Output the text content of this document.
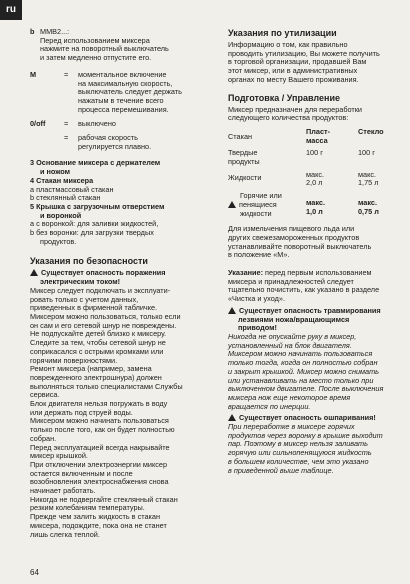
ru
b MMB2...:
Перед использованием миксера
нажмите на поворотный выключатель
и затем медленно отпустите его.
M	=	моментальное включение
на максимальную скорость,
выключатель следует держать
нажатым в течение всего
процесса перемешивания.
0/off	=	выключено
=	рабочая скорость
регулируется плавно.
3 Основание миксера с держателем
и ножом
4 Стакан миксера
а пластмассовый стакан
b стеклянный стакан
5 Крышка с загрузочным отверстием
и воронкой
а с воронкой: для заливки жидкостей,
b без воронки: для загрузки твердых
продуктов.
Указания по безопасности
Существует опасность поражения
электрическим током!
Миксер следует подключать и эксплуати-
ровать только с учетом данных,
приведенных в фирменной табличке.
Миксером можно пользоваться, только если
он сам и его сетевой шнур не повреждены.
Не подпускайте детей близко к миксеру.
Следите за тем, чтобы сетевой шнур не
соприкасался с острыми кромками или
горячими поверхностями.
Ремонт миксера (например, замена
поврежденного электрошнура) должен
выполняться только специалистами Службы
сервиса.
Блок двигателя нельзя погружать в воду
или держать под струей воды.
Миксером можно начинать пользоваться
только после того, как он будет полностью
собран.
Перед эксплуатацией всегда накрывайте
миксер крышкой.
При отключении электроэнергии миксер
остается включенным и после
возобновления электроснабжения снова
начинает работать.
Никогда не подвергайте стеклянный стакан
резким колебаниям температуры.
Прежде чем залить жидкость в стакан
миксера, подождите, пока она не станет
лишь слегка теплой.
Указания по утилизации
Информацию о том, как правильно
проводить утилизацию, Вы можете получить
в торговой организации, продавшей Вам
этот миксер, или в административных
органах по месту Вашего проживания.
Подготовка / Управление
Миксер предназначен для переработки
следующего количества продуктов:
Стакан	Пласт-
масса	Стекло

Твердые
продукты	100 г	100 г
Жидкости	макс.
2,0 л	макс.
1,75 л

Горячие или
пенящиеся
жидкости	макс.
1,0 л	макс.
0,75 л
Для измельчения пищевого льда или
других свежезамороженных продуктов
устанавливайте поворотный выключатель
в положение «M».
Указание: перед первым использованием
миксера и принадлежностей следует
тщательно почистить, как указано в разделе
«Чистка и уход».
Существует опасность травмирования
лезвиями ножа/вращающимся
приводом!
Никогда не опускайте руку в миксер,
установленный на блок двигателя.
Миксером можно начинать пользоваться
только тогда, когда он полностью собран
и закрыт крышкой. Миксер можно снимать
или устанавливать на место только при
выключенном двигателе. После выключения
миксера нож еще некоторое время
вращается по инерции.
Существует опасность ошпаривания!
При переработке в миксере горячих
продуктов через воронку в крышке выходит
пар. Поэтому в миксер нельзя заливать
горячую или сильнопенящуюся жидкость
в большем количестве, чем это указано
в приведенной выше таблице.
64
